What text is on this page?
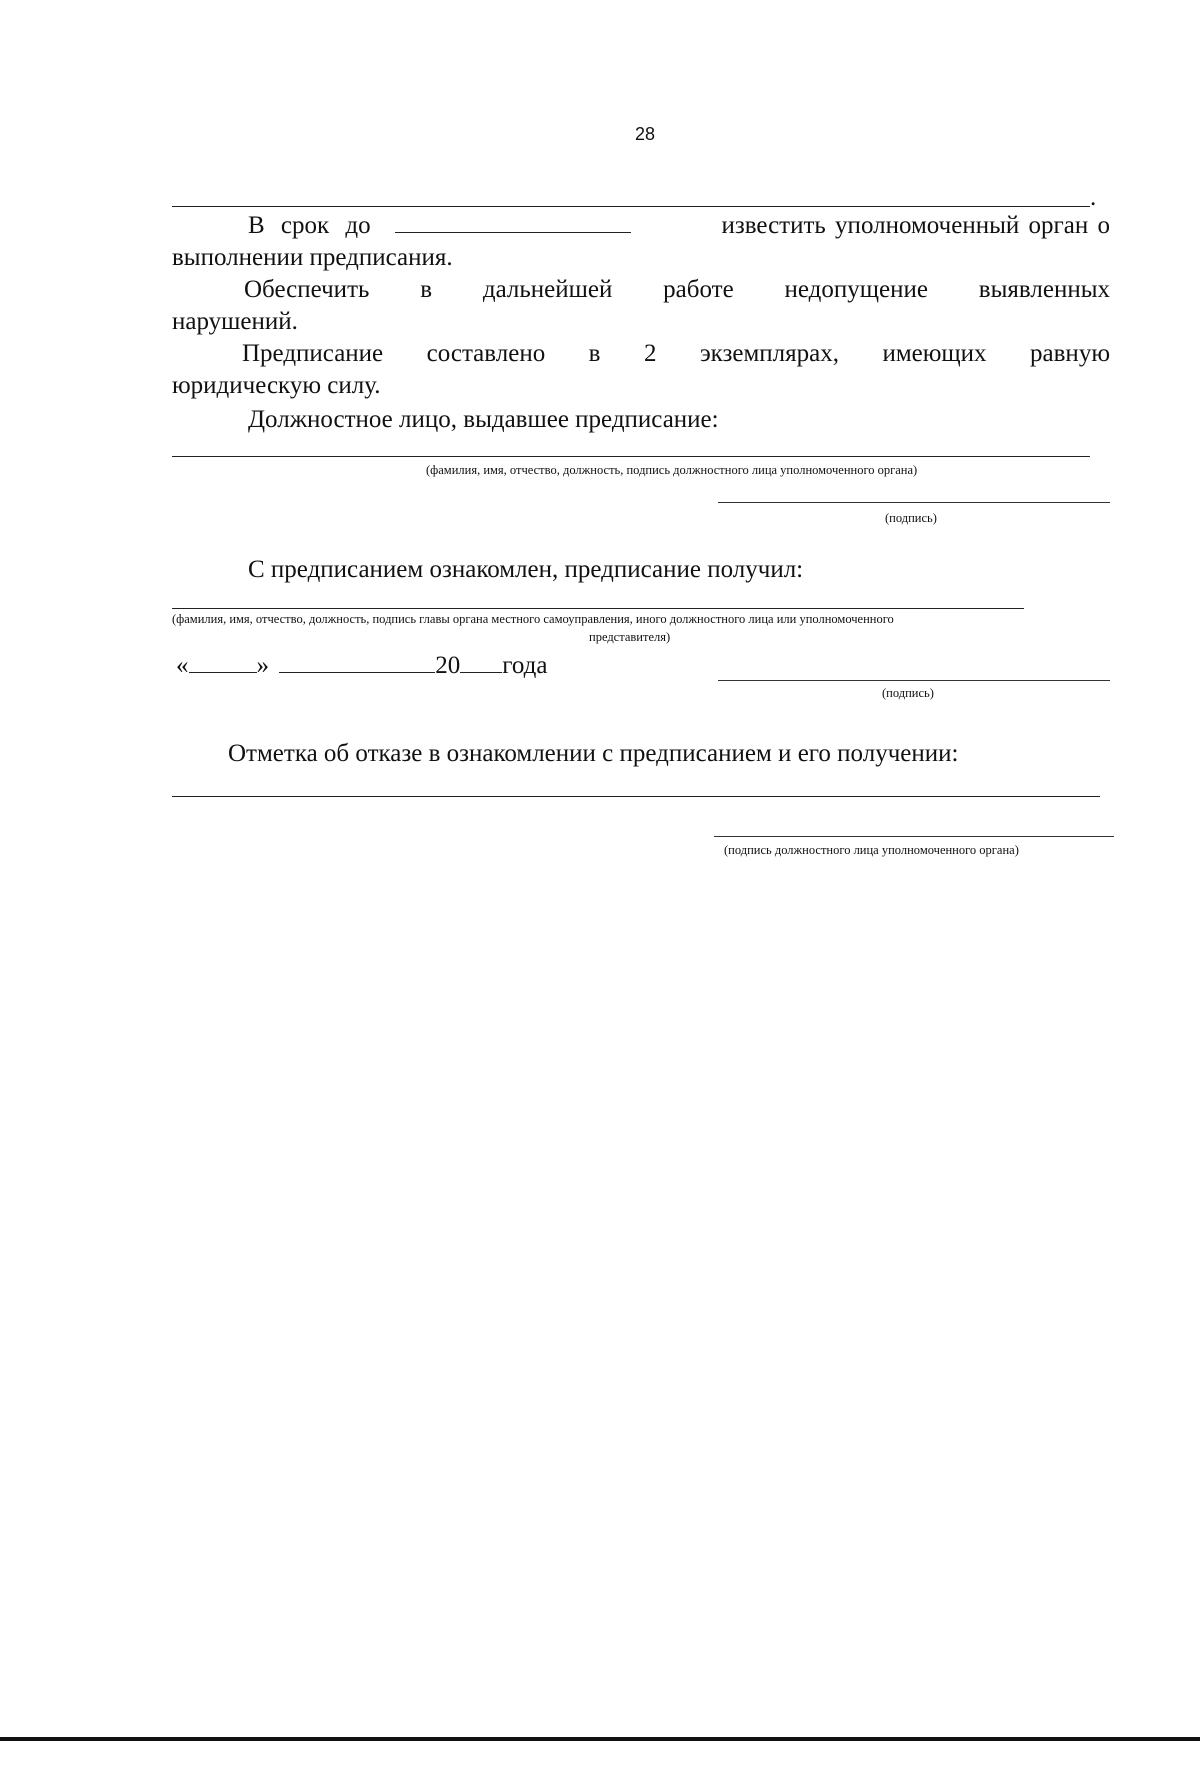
28
.
В срок до	известить уполномоченный орган о
выполнении предписания.
Обеспечить в дальнейшей работе недопущение выявленных
нарушений.
Предписание составлено в 2 экземплярах, имеющих равную
юридическую силу.
Должностное лицо, выдавшее предписание:
(фамилия, имя, отчество, должность, подпись должностного лица уполномоченного органа)
(подпись)
С предписанием ознакомлен, предписание получил:
(фамилия, имя, отчество, должность, подпись главы органа местного самоуправления, иного должностного лица или уполномоченного
представителя)
«	»	20 года
(подпись)
Отметка об отказе в ознакомлении с предписанием и его получении:
(подпись должностного лица уполномоченного органа)
